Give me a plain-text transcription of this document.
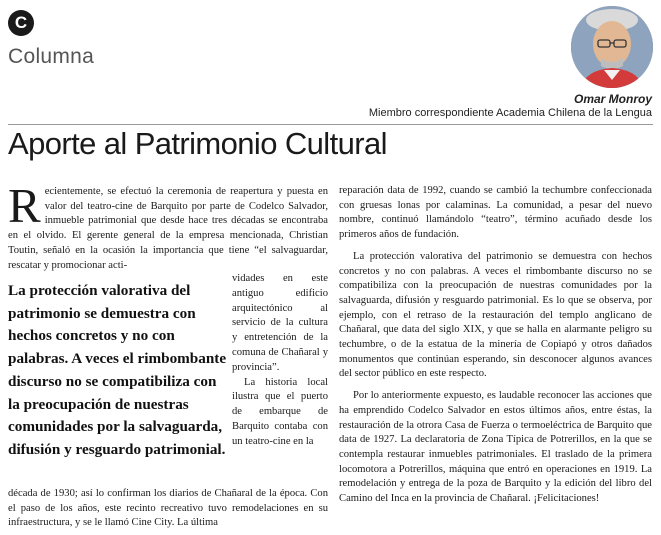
C
Columna
Omar Monroy
Miembro correspondiente Academia Chilena de la Lengua
Aporte al Patrimonio Cultural
Recientemente, se efectuó la ceremonia de reapertura y puesta en valor del teatro-cine de Barquito por parte de Codelco Salvador, inmueble patrimonial que desde hace tres décadas se encontraba en el olvido. El gerente general de la empresa mencionada, Christian Toutin, señaló en la ocasión la importancia que tiene “el salvaguardar, rescatar y promocionar acti-

La protección valorativa del patrimonio se demuestra con hechos concretos y no con palabras. A veces el rimbombante discurso no se compatibiliza con la preocupación de nuestras comunidades por la salvaguarda, difusión y resguardo patrimonial.

vidades en este antiguo edificio arquitectónico al servicio de la cultura y entretención de la comuna de Chañaral y provincia”.

La historia local ilustra que el puerto de embarque de Barquito contaba con un teatro-cine en la

década de 1930; así lo confirman los diarios de Chañaral de la época. Con el paso de los años, este recinto recreativo tuvo remodelaciones en su infraestructura, y se le llamó Cine City. La última

reparación data de 1992, cuando se cambió la techumbre confeccionada con gruesas lonas por calaminas. La comunidad, a pesar del nuevo nombre, continuó llamándolo “teatro”, término acuñado desde los primeros años de fundación.

La protección valorativa del patrimonio se demuestra con hechos concretos y no con palabras. A veces el rimbombante discurso no se compatibiliza con la preocupación de nuestras comunidades por la salvaguarda, difusión y resguardo patrimonial. Es lo que se observa, por ejemplo, con el retraso de la restauración del templo anglicano de Chañaral, que data del siglo XIX, y que se halla en alarmante peligro su techumbre, o de la estatua de la minería de Copiapó y otros dañados monumentos que continúan esperando, sin desconocer algunos avances del sector público en este respecto.

Por lo anteriormente expuesto, es laudable reconocer las acciones que ha emprendido Codelco Salvador en estos últimos años, entre éstas, la restauración de la otrora Casa de Fuerza o termoeléctrica de Barquito que data de 1927. La declaratoria de Zona Típica de Potrerillos, en la que se contempla restaurar inmuebles patrimoniales. El traslado de la primera locomotora a Potrerillos, máquina que entró en operaciones en 1919. La remodelación y entrega de la poza de Barquito y la edición del libro del Camino del Inca en la provincia de Chañaral. ¡Felicitaciones!
